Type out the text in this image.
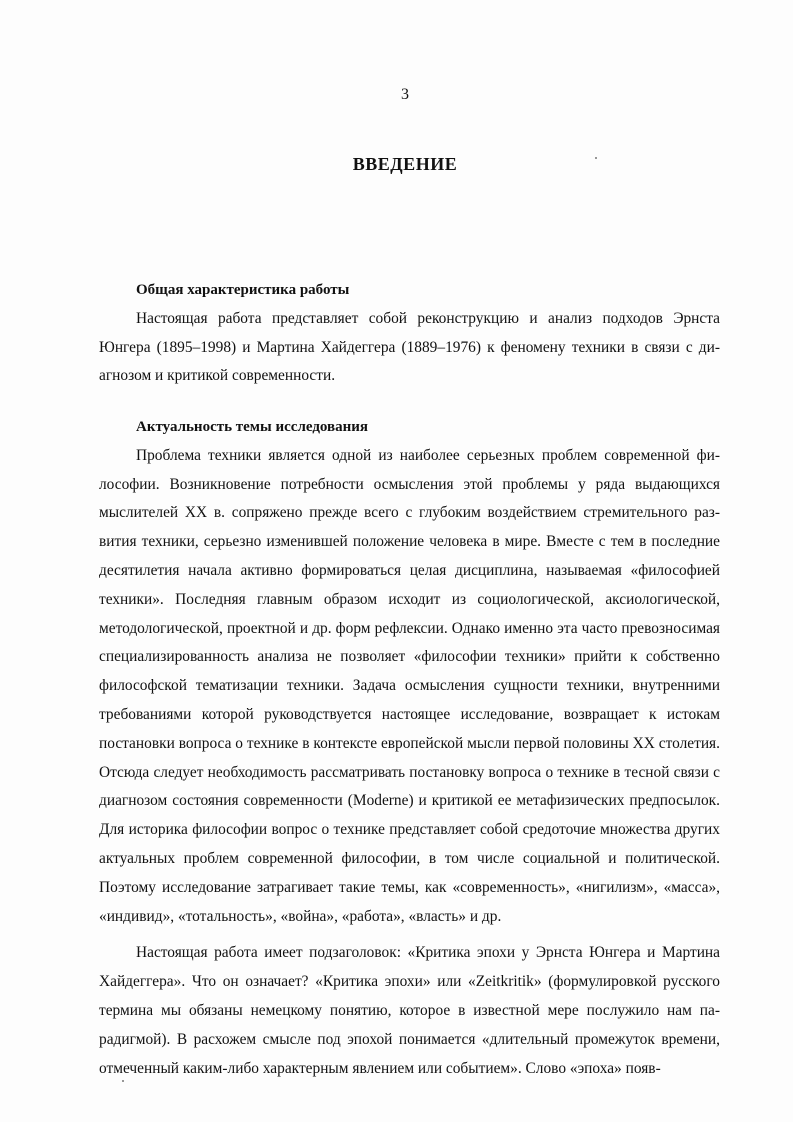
3
ВВЕДЕНИЕ

Общая характеристика работы

Настоящая работа представляет собой реконструкцию и анализ подходов Эрнста Юнгера (1895–1998) и Мартина Хайдеггера (1889–1976) к феномену техники в связи с диагнозом и критикой современности.

Актуальность темы исследования

Проблема техники является одной из наиболее серьезных проблем современной философии. Возникновение потребности осмысления этой проблемы у ряда выдающихся мыслителей XX в. сопряжено прежде всего с глубоким воздействием стремительного развития техники, серьезно изменившей положение человека в мире. Вместе с тем в последние десятилетия начала активно формироваться целая дисциплина, называемая «философией техники». Последняя главным образом исходит из социологической, аксиологической, методологической, проектной и др. форм рефлексии. Однако именно эта часто превозносимая специализированность анализа не позволяет «философии техники» прийти к собственно философской тематизации техники. Задача осмысления сущности техники, внутренними требованиями которой руководствуется настоящее исследование, возвращает к истокам постановки вопроса о технике в контексте европейской мысли первой половины XX столетия. Отсюда следует необходимость рассматривать постановку вопроса о технике в тесной связи с диагнозом состояния современности (Moderne) и критикой ее метафизических предпосылок. Для историка философии вопрос о технике представляет собой средоточие множества других актуальных проблем современной философии, в том числе социальной и политической. Поэтому исследование затрагивает такие темы, как «современность», «нигилизм», «масса», «индивид», «тотальность», «война», «работа», «власть» и др.

Настоящая работа имеет подзаголовок: «Критика эпохи у Эрнста Юнгера и Мартина Хайдеггера». Что он означает? «Критика эпохи» или «Zeitkritik» (формулировкой русского термина мы обязаны немецкому понятию, которое в известной мере послужило нам парадигмой). В расхожем смысле под эпохой понимается «длительный промежуток времени, отмеченный каким-либо характерным явлением или событием». Слово «эпоха» появ-
